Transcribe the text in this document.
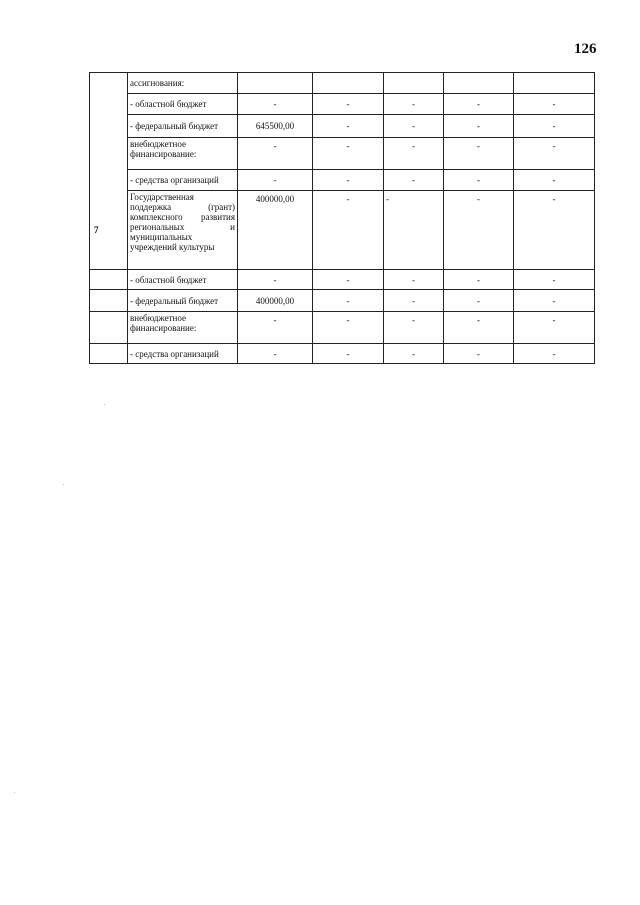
126
	ассигнования:					
	- областной бюджет	-	-	-	-	-
	- федеральный бюджет	645500,00	-	-	-	-
	внебюджетное финансирование:	-	-	-	-	-
	- средства организаций	-	-	-	-	-
7	Государственная поддержка (грант) комплексного развития региональных и муниципальных учреждений культуры	400000,00	-	-	-	-
	- областной бюджет	-	-	-	-	-
	- федеральный бюджет	400000,00	-	-	-	-
	внебюджетное финансирование:	-	-	-	-	-
	- средства организаций	-	-	-	-	-
